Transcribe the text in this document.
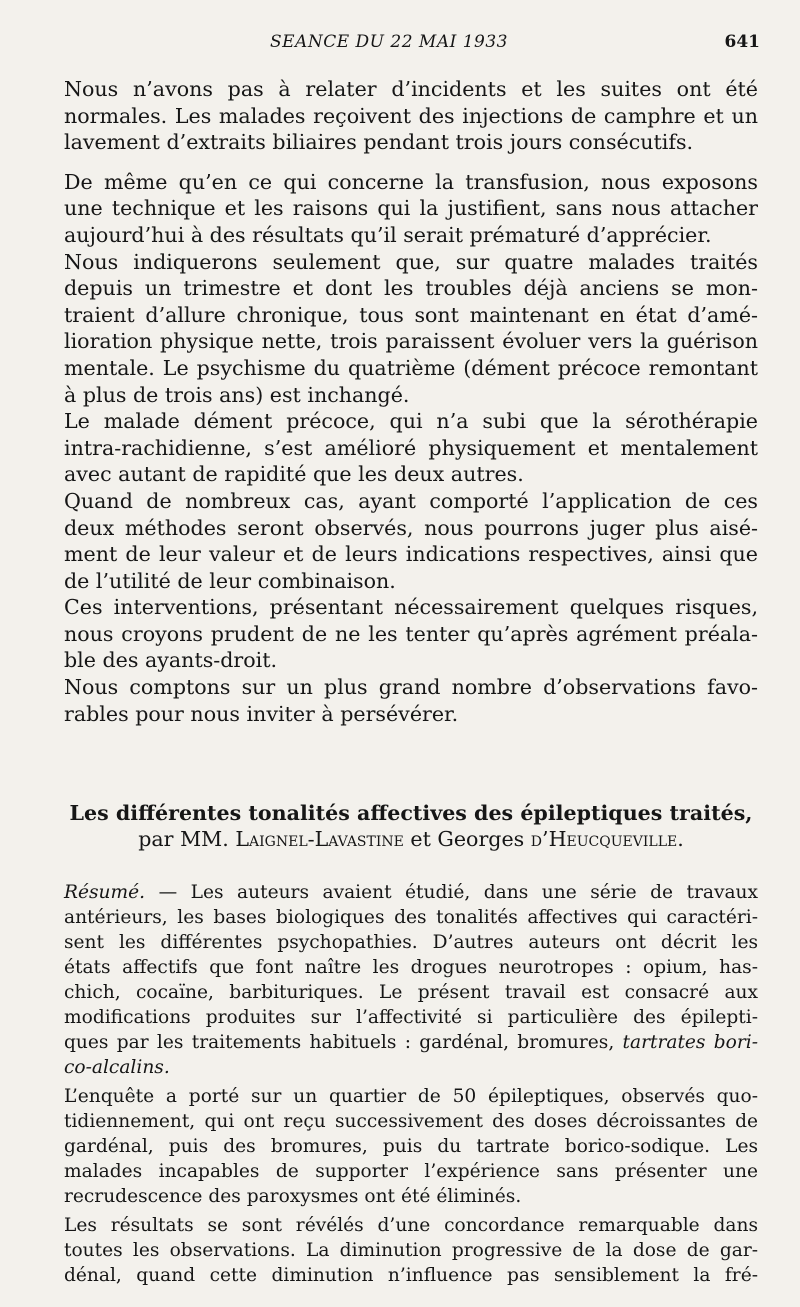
SEANCE DU 22 MAI 1933	641

Nous n’avons pas à relater d’incidents et les suites ont été

normales. Les malades reçoivent des injections de camphre et un

lavement d’extraits biliaires pendant trois jours consécutifs.

De même qu’en ce qui concerne la transfusion, nous exposons

une technique et les raisons qui la justifient, sans nous attacher

aujourd’hui à des résultats qu’il serait prématuré d’apprécier.

Nous indiquerons seulement que, sur quatre malades traités

depuis un trimestre et dont les troubles déjà anciens se mon-

traient d’allure chronique, tous sont maintenant en état d’amé-

lioration physique nette, trois paraissent évoluer vers la guérison

mentale. Le psychisme du quatrième (dément précoce remontant

à plus de trois ans) est inchangé.

Le malade dément précoce, qui n’a subi que la sérothérapie

intra-rachidienne, s’est amélioré physiquement et mentalement

avec autant de rapidité que les deux autres.

Quand de nombreux cas, ayant comporté l’application de ces

deux méthodes seront observés, nous pourrons juger plus aisé-

ment de leur valeur et de leurs indications respectives, ainsi que

de l’utilité de leur combinaison.

Ces interventions, présentant nécessairement quelques risques,

nous croyons prudent de ne les tenter qu’après agrément préala-

ble des ayants-droit.

Nous comptons sur un plus grand nombre d’observations favo-

rables pour nous inviter à persévérer.

Les différentes tonalités affectives des épileptiques traités,
par MM. Laignel-Lavastine et Georges d’Heucqueville.

Résumé. — Les auteurs avaient étudié, dans une série de travaux

antérieurs, les bases biologiques des tonalités affectives qui caractéri-

sent les différentes psychopathies. D’autres auteurs ont décrit les

états affectifs que font naître les drogues neurotropes : opium, has-

chich, cocaïne, barbituriques. Le présent travail est consacré aux

modifications produites sur l’affectivité si particulière des épilepti-

ques par les traitements habituels : gardénal, bromures, tartrates bori-

co-alcalins.

L’enquête a porté sur un quartier de 50 épileptiques, observés quo-

tidiennement, qui ont reçu successivement des doses décroissantes de

gardénal, puis des bromures, puis du tartrate borico-sodique. Les

malades incapables de supporter l’expérience sans présenter une

recrudescence des paroxysmes ont été éliminés.

Les résultats se sont révélés d’une concordance remarquable dans

toutes les observations. La diminution progressive de la dose de gar-

dénal, quand cette diminution n’influence pas sensiblement la fré-
